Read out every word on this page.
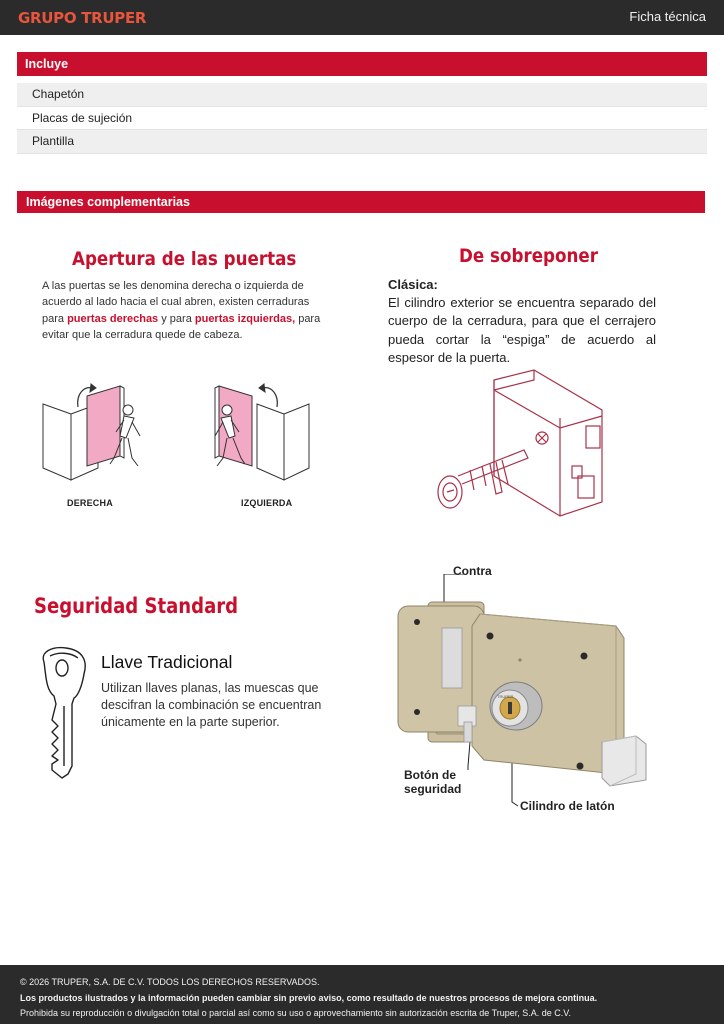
GRUPO TRUPER	Ficha técnica
Incluye
Chapetón
Placas de sujeción
Plantilla
Imágenes complementarias
Apertura de las puertas
A las puertas se les denomina derecha o izquierda de acuerdo al lado hacia el cual abren, existen cerraduras para puertas derechas y para puertas izquierdas, para evitar que la cerradura quede de cabeza.
DERECHA	IZQUIERDA
De sobreponer
Clásica:
El cilindro exterior se encuentra separado del cuerpo de la cerradura, para que el cerrajero pueda cortar la “espiga” de acuerdo al espesor de la puerta.
Seguridad Standard
Llave Tradicional
Utilizan llaves planas, las muescas que descifran la combinación se encuentran únicamente en la parte superior.
TRUPER
Contra
Botón de
seguridad
Cilindro de latón
© 2026 TRUPER, S.A. DE C.V. TODOS LOS DERECHOS RESERVADOS.
Los productos ilustrados y la información pueden cambiar sin previo aviso, como resultado de nuestros procesos de mejora continua.
Prohibida su reproducción o divulgación total o parcial así como su uso o aprovechamiento sin autorización escrita de Truper, S.A. de C.V.
